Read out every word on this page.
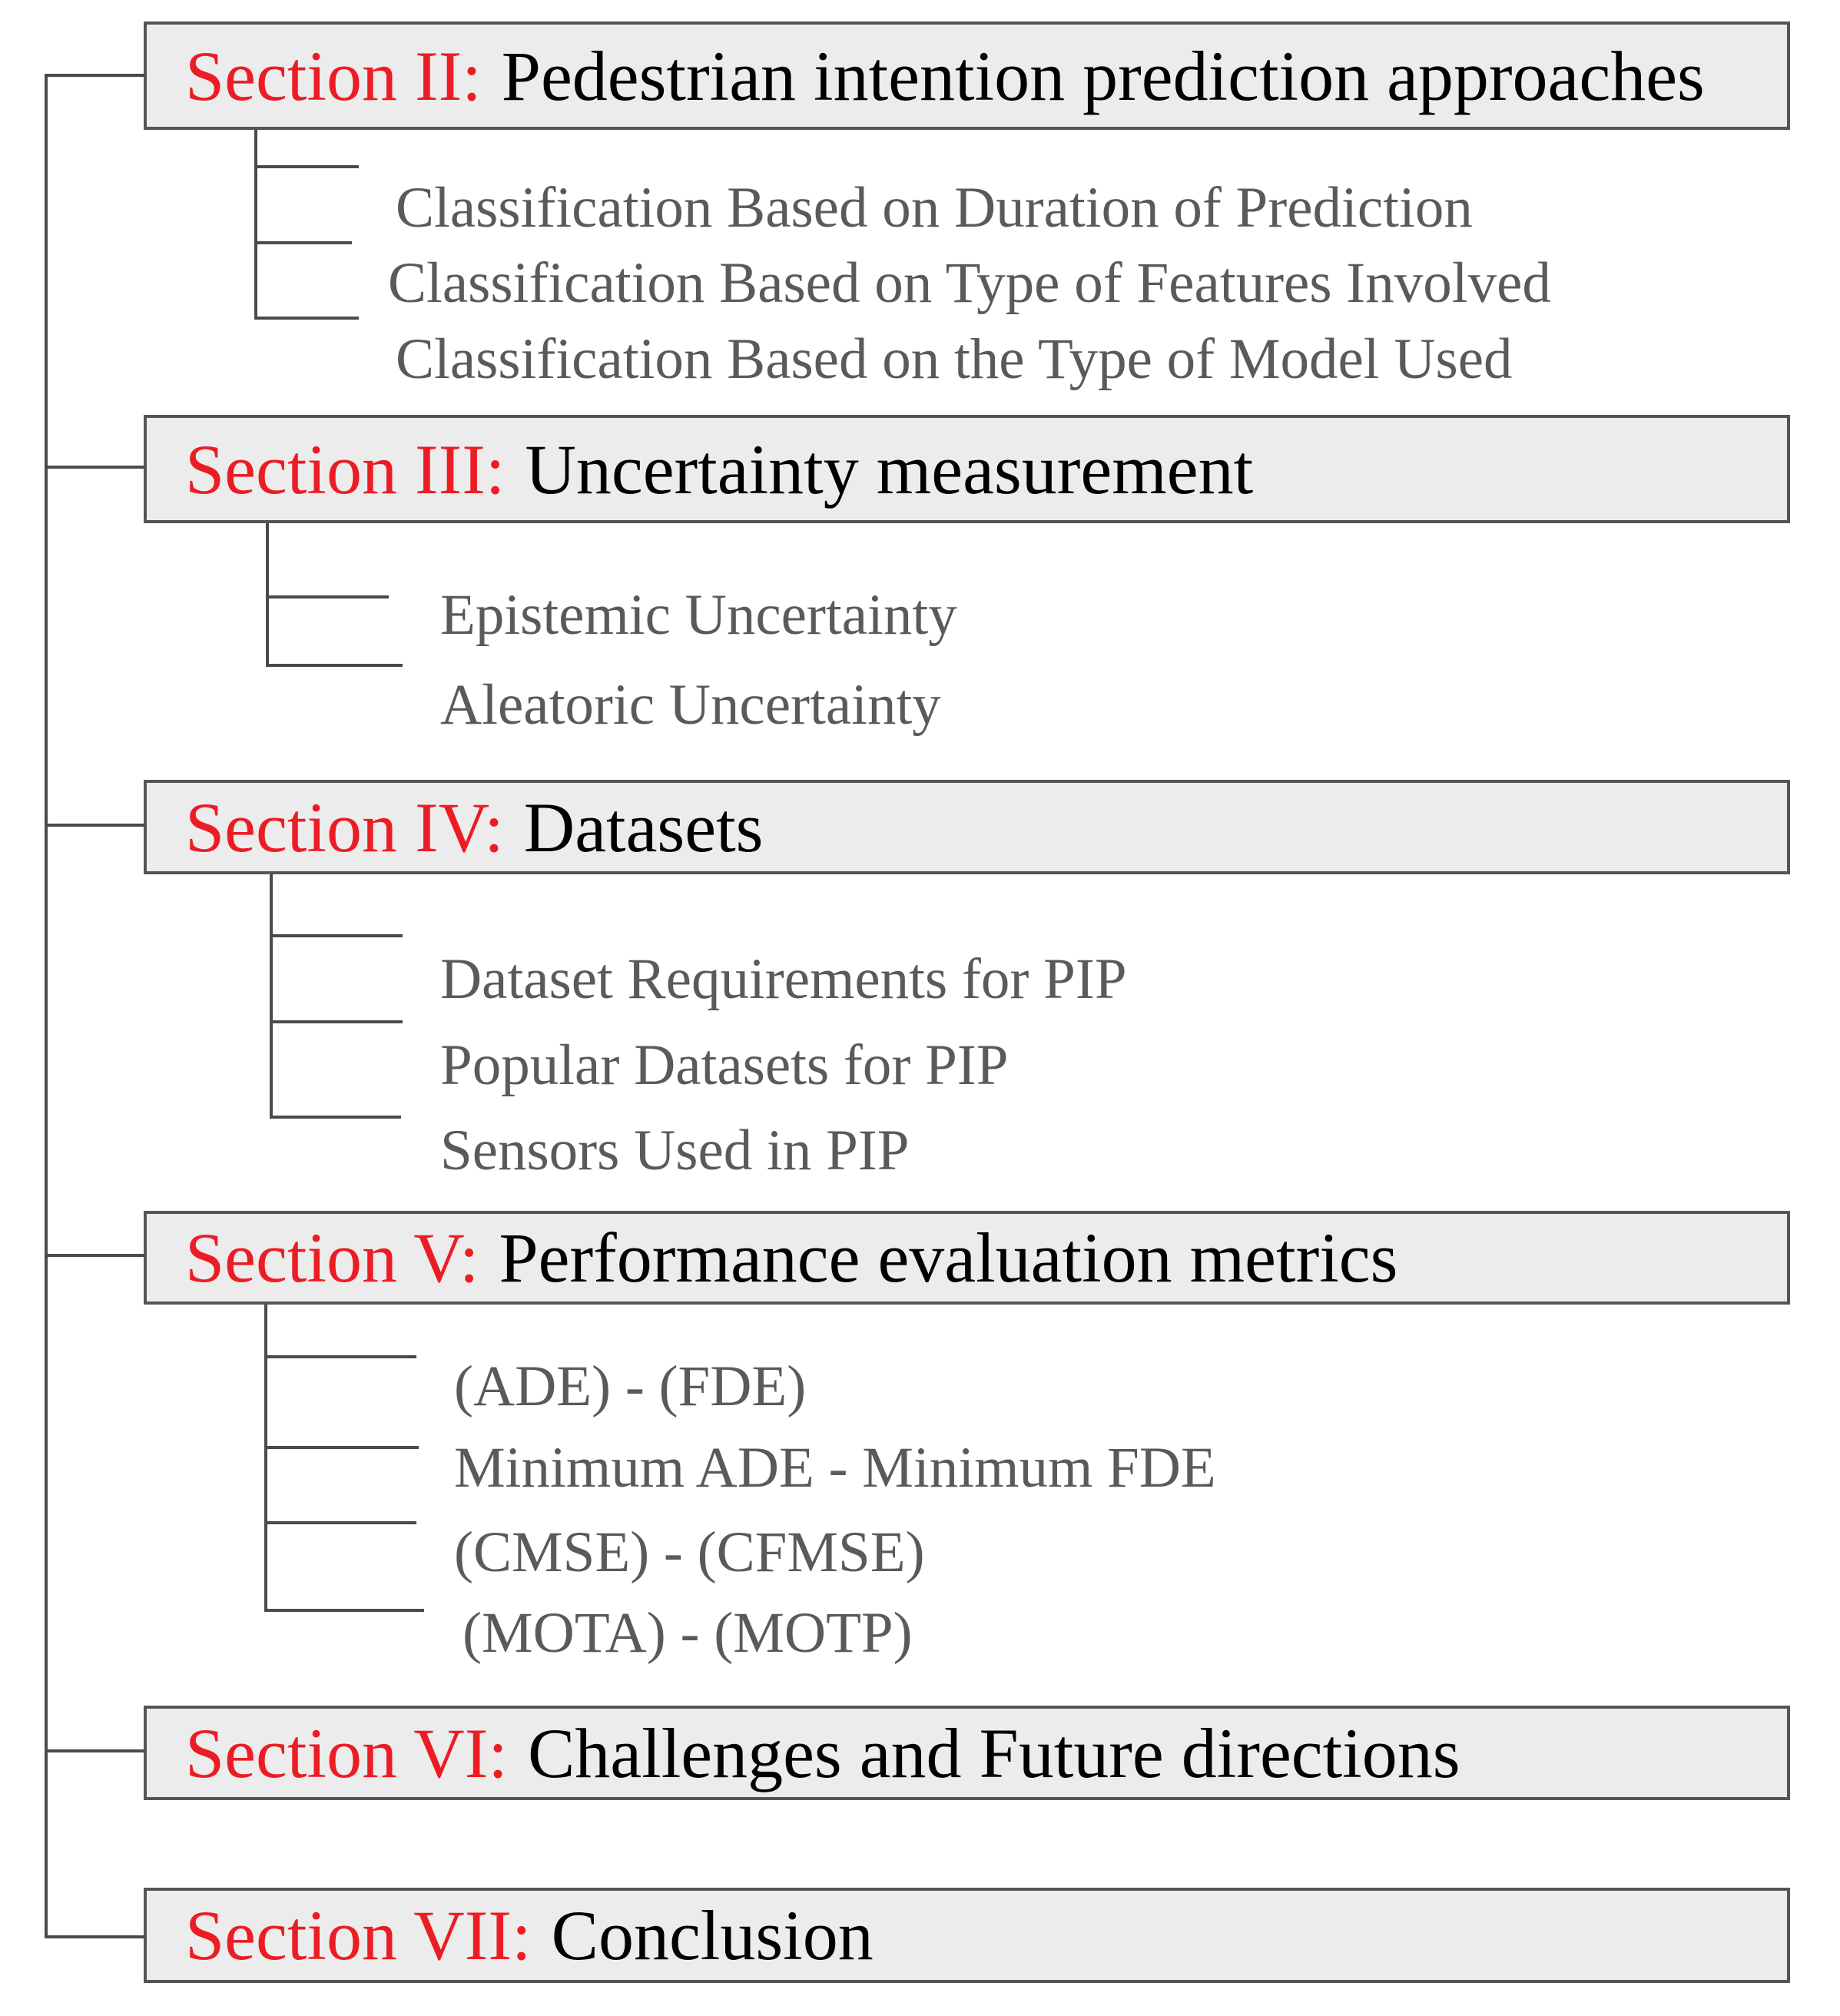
Section II: Pedestrian intention prediction approaches
Classification Based on Duration of Prediction
Classification Based on Type of Features Involved
Classification Based on the Type of Model Used
Section III: Uncertainty measurement
Epistemic Uncertainty
Aleatoric Uncertainty
Section IV: Datasets
Dataset Requirements for PIP
Popular Datasets for PIP
Sensors Used in PIP
Section V: Performance evaluation metrics
(ADE) - (FDE)
Minimum ADE - Minimum FDE
(CMSE) - (CFMSE)
(MOTA) - (MOTP)
Section VI: Challenges and Future directions
Section VII: Conclusion
